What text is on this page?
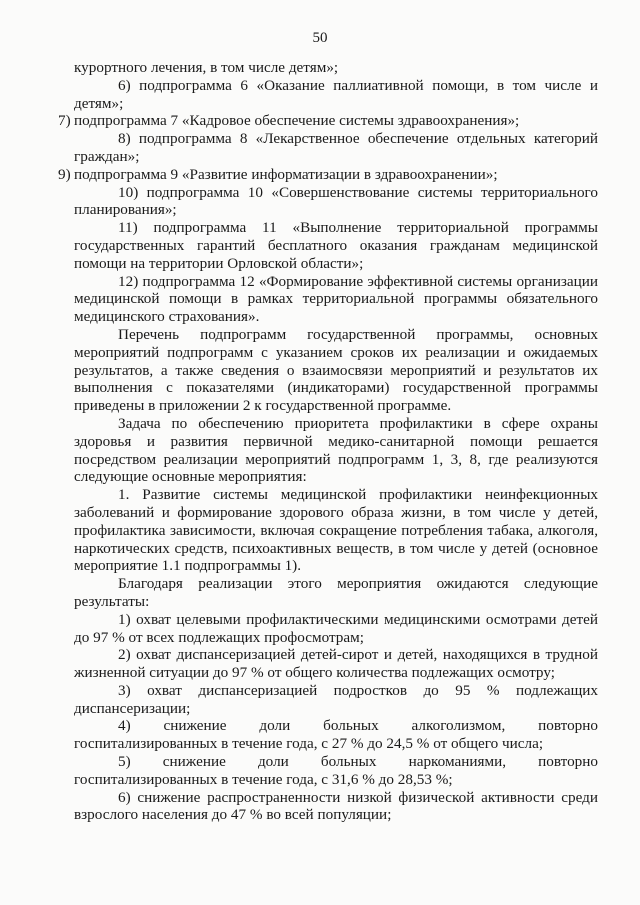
50

курортного лечения, в том числе детям»;

6) подпрограмма 6 «Оказание паллиативной помощи, в том числе и детям»;

7) подпрограмма 7 «Кадровое обеспечение системы здравоохранения»;

8) подпрограмма 8 «Лекарственное обеспечение отдельных категорий граждан»;

9) подпрограмма 9 «Развитие информатизации в здравоохранении»;

10) подпрограмма 10 «Совершенствование системы территориального планирования»;

11) подпрограмма 11 «Выполнение территориальной программы государственных гарантий бесплатного оказания гражданам медицинской помощи на территории Орловской области»;

12) подпрограмма 12 «Формирование эффективной системы организации медицинской помощи в рамках территориальной программы обязательного медицинского страхования».

Перечень подпрограмм государственной программы, основных мероприятий подпрограмм с указанием сроков их реализации и ожидаемых результатов, а также сведения о взаимосвязи мероприятий и результатов их выполнения с показателями (индикаторами) государственной программы приведены в приложении 2 к государственной программе.

Задача по обеспечению приоритета профилактики в сфере охраны здоровья и развития первичной медико-санитарной помощи решается посредством реализации мероприятий подпрограмм 1, 3, 8, где реализуются следующие основные мероприятия:

1. Развитие системы медицинской профилактики неинфекционных заболеваний и формирование здорового образа жизни, в том числе у детей, профилактика зависимости, включая сокращение потребления табака, алкоголя, наркотических средств, психоактивных веществ, в том числе у детей (основное мероприятие 1.1 подпрограммы 1).

Благодаря реализации этого мероприятия ожидаются следующие результаты:

1) охват целевыми профилактическими медицинскими осмотрами детей до 97 % от всех подлежащих профосмотрам;

2) охват диспансеризацией детей-сирот и детей, находящихся в трудной жизненной ситуации до 97 % от общего количества подлежащих осмотру;

3) охват диспансеризацией подростков до 95 % подлежащих диспансеризации;

4) снижение доли больных алкоголизмом, повторно госпитализированных в течение года, с 27 % до 24,5 % от общего числа;

5) снижение доли больных наркоманиями, повторно госпитализированных в течение года, с 31,6 % до 28,53 %;

6) снижение распространенности низкой физической активности среди взрослого населения до 47 % во всей популяции;
